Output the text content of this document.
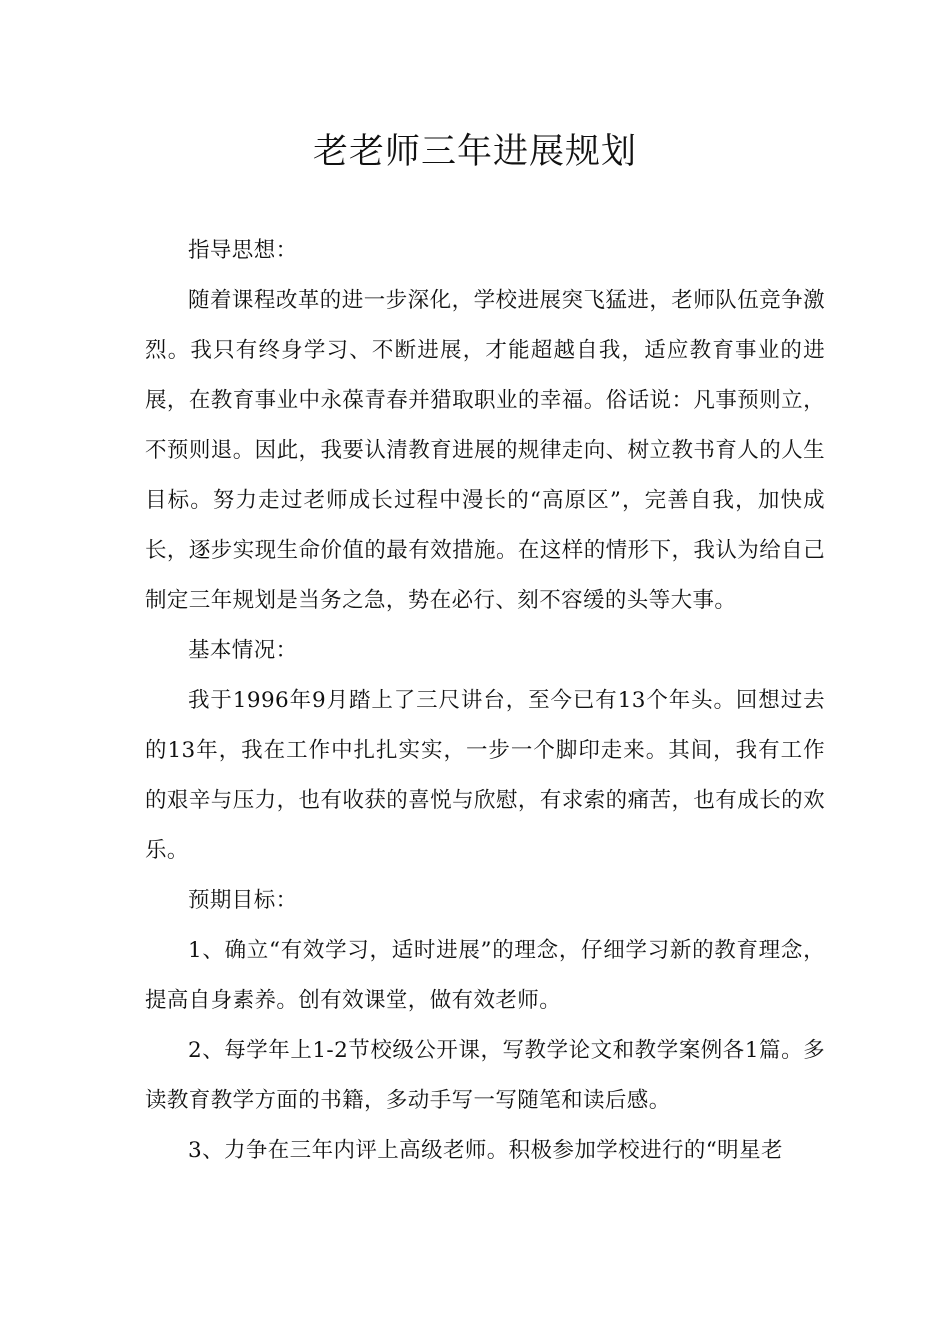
老老师三年进展规划

指导思想：

随着课程改革的进一步深化，学校进展突飞猛进，老师队伍竞争激烈。我只有终身学习、不断进展，才能超越自我，适应教育事业的进展，在教育事业中永葆青春并猎取职业的幸福。俗话说：凡事预则立，不预则退。因此，我要认清教育进展的规律走向、树立教书育人的人生目标。努力走过老师成长过程中漫长的“高原区”，完善自我，加快成长，逐步实现生命价值的最有效措施。在这样的情形下，我认为给自己制定三年规划是当务之急，势在必行、刻不容缓的头等大事。

基本情况：

我于1996年9月踏上了三尺讲台，至今已有13个年头。回想过去的13年，我在工作中扎扎实实，一步一个脚印走来。其间，我有工作的艰辛与压力，也有收获的喜悦与欣慰，有求索的痛苦，也有成长的欢乐。

预期目标：

1、确立“有效学习，适时进展”的理念，仔细学习新的教育理念，提高自身素养。创有效课堂，做有效老师。

2、每学年上1-2节校级公开课，写教学论文和教学案例各1篇。多读教育教学方面的书籍，多动手写一写随笔和读后感。

3、力争在三年内评上高级老师。积极参加学校进行的“明星老
